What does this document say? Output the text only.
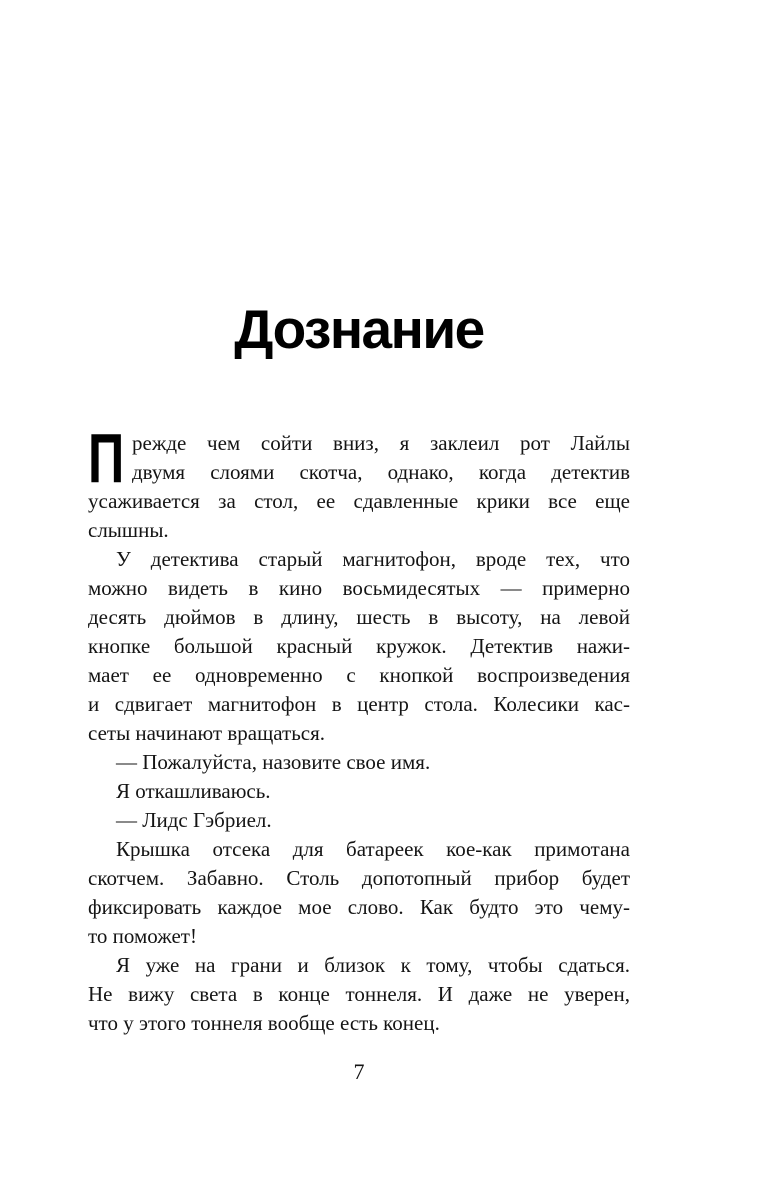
Дознание
П режде чем сойти вниз, я заклеил рот Лайлы
двумя слоями скотча, однако, когда детектив
усаживается за стол, ее сдавленные крики все еще
слышны.
У детектива старый магнитофон, вроде тех, что
можно видеть в кино восьмидесятых — примерно
десять дюймов в длину, шесть в высоту, на левой
кнопке большой красный кружок. Детектив нажи-
мает ее одновременно с кнопкой воспроизведения
и сдвигает магнитофон в центр стола. Колесики кас-
сеты начинают вращаться.
— Пожалуйста, назовите свое имя.
Я откашливаюсь.
— Лидс Гэбриел.
Крышка отсека для батареек кое-как примотана
скотчем. Забавно. Столь допотопный прибор будет
фиксировать каждое мое слово. Как будто это чему-
то поможет!
Я уже на грани и близок к тому, чтобы сдаться.
Не вижу света в конце тоннеля. И даже не уверен,
что у этого тоннеля вообще есть конец.
7
